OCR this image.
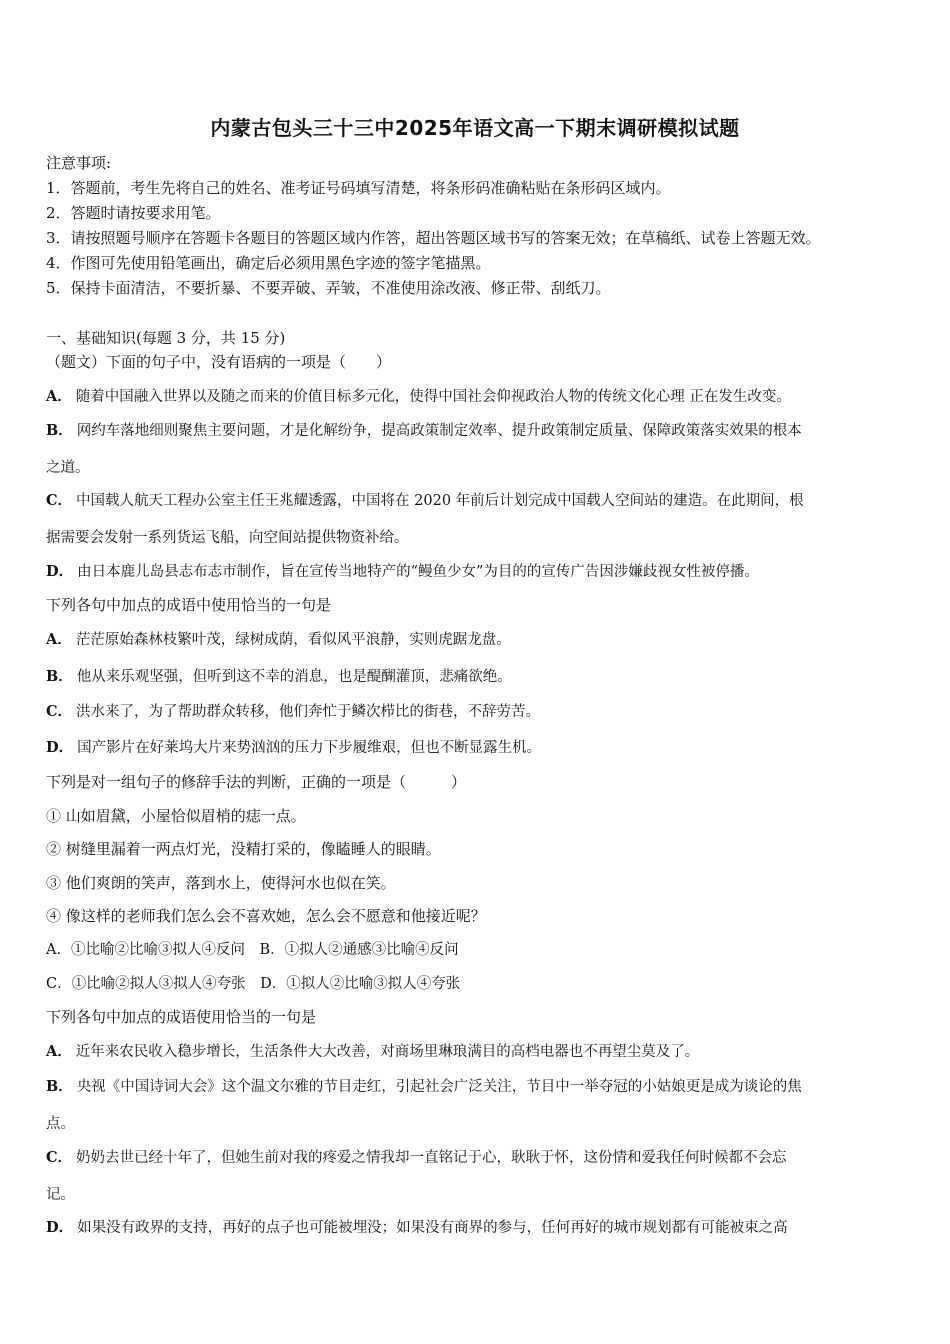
内蒙古包头三十三中2025年语文高一下期末调研模拟试题
注意事项:
1．答题前，考生先将自己的姓名、准考证号码填写清楚，将条形码准确粘贴在条形码区域内。
2．答题时请按要求用笔。
3．请按照题号顺序在答题卡各题目的答题区域内作答，超出答题区域书写的答案无效；在草稿纸、试卷上答题无效。
4．作图可先使用铅笔画出，确定后必须用黑色字迹的签字笔描黑。
5．保持卡面清洁，不要折暴、不要弄破、弄皱，不准使用涂改液、修正带、刮纸刀。
一、基础知识(每题 3 分，共 15 分)
（题文）下面的句子中，没有语病的一项是（　　）
A． 随着中国融入世界以及随之而来的价值目标多元化，使得中国社会仰视政治人物的传统文化心理 正在发生改变。
B． 网约车落地细则聚焦主要问题，才是化解纷争，提高政策制定效率、提升政策制定质量、保障政策落实效果的根本
之道。
C． 中国载人航天工程办公室主任王兆耀透露，中国将在 2020 年前后计划完成中国载人空间站的建造。在此期间，根
据需要会发射一系列货运飞船，向空间站提供物资补给。
D． 由日本鹿儿岛县志布志市制作，旨在宣传当地特产的“鳗鱼少女”为目的的宣传广告因涉嫌歧视女性被停播。
下列各句中加点的成语中使用恰当的一句是
A． 茫茫原始森林枝繁叶茂，绿树成荫，看似风平浪静，实则虎踞龙盘。
B． 他从来乐观坚强，但听到这不幸的消息，也是醍醐灌顶，悲痛欲绝。
C． 洪水来了，为了帮助群众转移，他们奔忙于鳞次栉比的街巷，不辞劳苦。
D． 国产影片在好莱坞大片来势汹汹的压力下步履维艰，但也不断显露生机。
下列是对一组句子的修辞手法的判断，正确的一项是（　　　）
① 山如眉黛，小屋恰似眉梢的痣一点。
② 树缝里漏着一两点灯光，没精打采的，像瞌睡人的眼睛。
③ 他们爽朗的笑声，落到水上，使得河水也似在笑。
④ 像这样的老师我们怎么会不喜欢她，怎么会不愿意和他接近呢？
A．①比喻②比喻③拟人④反问　B．①拟人②通感③比喻④反问
C．①比喻②拟人③拟人④夸张　D．①拟人②比喻③拟人④夸张
下列各句中加点的成语使用恰当的一句是
A． 近年来农民收入稳步增长，生活条件大大改善，对商场里琳琅满目的高档电器也不再望尘莫及了。
B． 央视《中国诗词大会》这个温文尔雅的节目走红，引起社会广泛关注，节目中一举夺冠的小姑娘更是成为谈论的焦
点。
C． 奶奶去世已经十年了，但她生前对我的疼爱之情我却一直铭记于心，耿耿于怀，这份情和爱我任何时候都不会忘
记。
D． 如果没有政界的支持，再好的点子也可能被埋没；如果没有商界的参与，任何再好的城市规划都有可能被束之高
